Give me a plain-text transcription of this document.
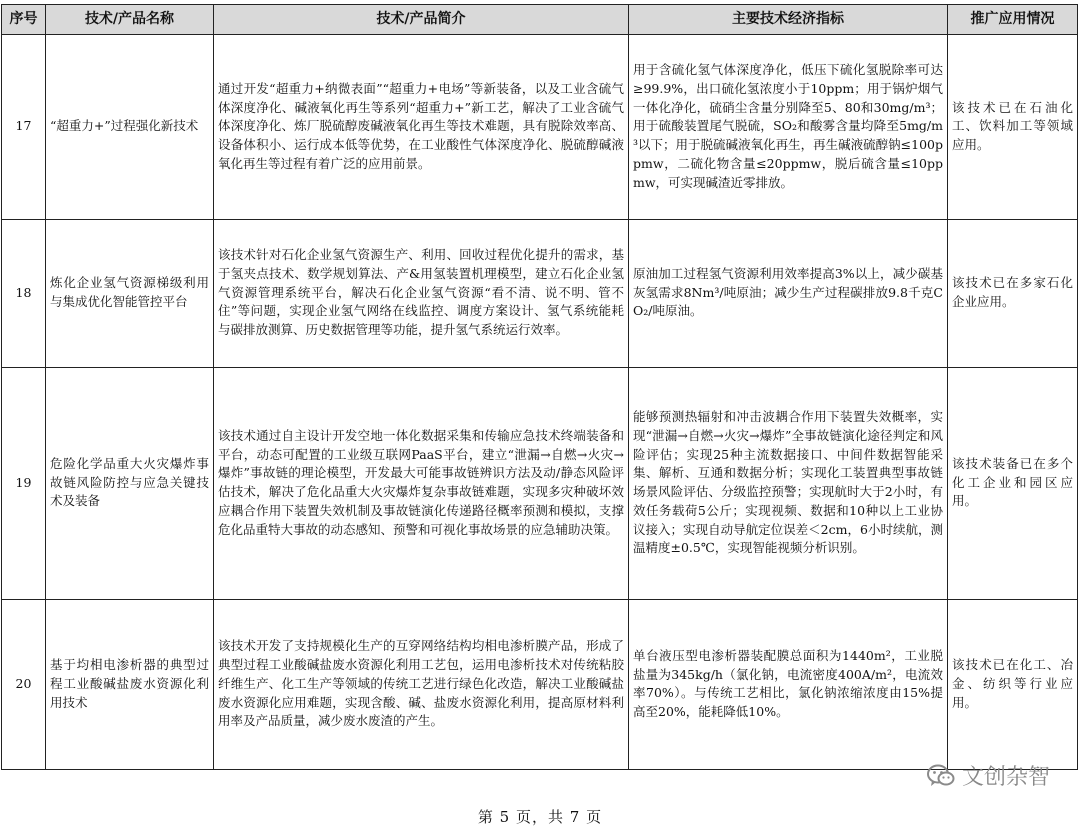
序号	技术/产品名称	技术/产品简介	主要技术经济指标	推广应用情况
17	“超重力+”过程强化新技术	通过开发“超重力+纳微表面”“超重力+电场”等新装备，以及工业含硫气体深度净化、碱液氧化再生等系列“超重力+”新工艺，解决了工业含硫气体深度净化、炼厂脱硫醇废碱液氧化再生等技术难题，具有脱除效率高、设备体积小、运行成本低等优势，在工业酸性气体深度净化、脱硫醇碱液氧化再生等过程有着广泛的应用前景。	用于含硫化氢气体深度净化，低压下硫化氢脱除率可达≥99.9%，出口硫化氢浓度小于10ppm；用于锅炉烟气一体化净化，硫硝尘含量分别降至5、80和30mg/m³；用于硫酸装置尾气脱硫，SO₂和酸雾含量均降至5mg/m³以下；用于脱硫碱液氧化再生，再生碱液硫醇钠≤100ppmw，二硫化物含量≤20ppmw，脱后硫含量≤10ppmw，可实现碱渣近零排放。	该技术已在石油化工、饮料加工等领域应用。
18	炼化企业氢气资源梯级利用与集成优化智能管控平台	该技术针对石化企业氢气资源生产、利用、回收过程优化提升的需求，基于氢夹点技术、数学规划算法、产&用氢装置机理模型，建立石化企业氢气资源管理系统平台，解决石化企业氢气资源“看不清、说不明、管不住”等问题，实现企业氢气网络在线监控、调度方案设计、氢气系统能耗与碳排放测算、历史数据管理等功能，提升氢气系统运行效率。	原油加工过程氢气资源利用效率提高3%以上，减少碳基灰氢需求8Nm³/吨原油；减少生产过程碳排放9.8千克CO₂/吨原油。	该技术已在多家石化企业应用。
19	危险化学品重大火灾爆炸事故链风险防控与应急关键技术及装备	该技术通过自主设计开发空地一体化数据采集和传输应急技术终端装备和平台，动态可配置的工业级互联网PaaS平台，建立“泄漏→自燃→火灾→爆炸”事故链的理论模型，开发最大可能事故链辨识方法及动/静态风险评估技术，解决了危化品重大火灾爆炸复杂事故链难题，实现多灾种破坏效应耦合作用下装置失效机制及事故链演化传递路径概率预测和模拟，支撑危化品重特大事故的动态感知、预警和可视化事故场景的应急辅助决策。	能够预测热辐射和冲击波耦合作用下装置失效概率，实现“泄漏→自燃→火灾→爆炸”全事故链演化途径判定和风险评估；实现25种主流数据接口、中间件数据智能采集、解析、互通和数据分析；实现化工装置典型事故链场景风险评估、分级监控预警；实现航时大于2小时，有效任务载荷5公斤；实现视频、数据和10种以上工业协议接入；实现自动导航定位误差＜2cm，6小时续航，测温精度±0.5℃，实现智能视频分析识别。	该技术装备已在多个化工企业和园区应用。
20	基于均相电渗析器的典型过程工业酸碱盐废水资源化利用技术	该技术开发了支持规模化生产的互穿网络结构均相电渗析膜产品，形成了典型过程工业酸碱盐废水资源化利用工艺包，运用电渗析技术对传统粘胶纤维生产、化工生产等领域的传统工艺进行绿色化改造，解决工业酸碱盐废水资源化应用难题，实现含酸、碱、盐废水资源化利用，提高原材料利用率及产品质量，减少废水废渣的产生。	单台液压型电渗析器装配膜总面积为1440m²，工业脱盐量为345kg/h（氯化钠，电流密度400A/m²，电流效率70%）。与传统工艺相比，氯化钠浓缩浓度由15%提高至20%，能耗降低10%。	该技术已在化工、冶金、纺织等行业应用。
文创杂智
第 5 页，共 7 页
